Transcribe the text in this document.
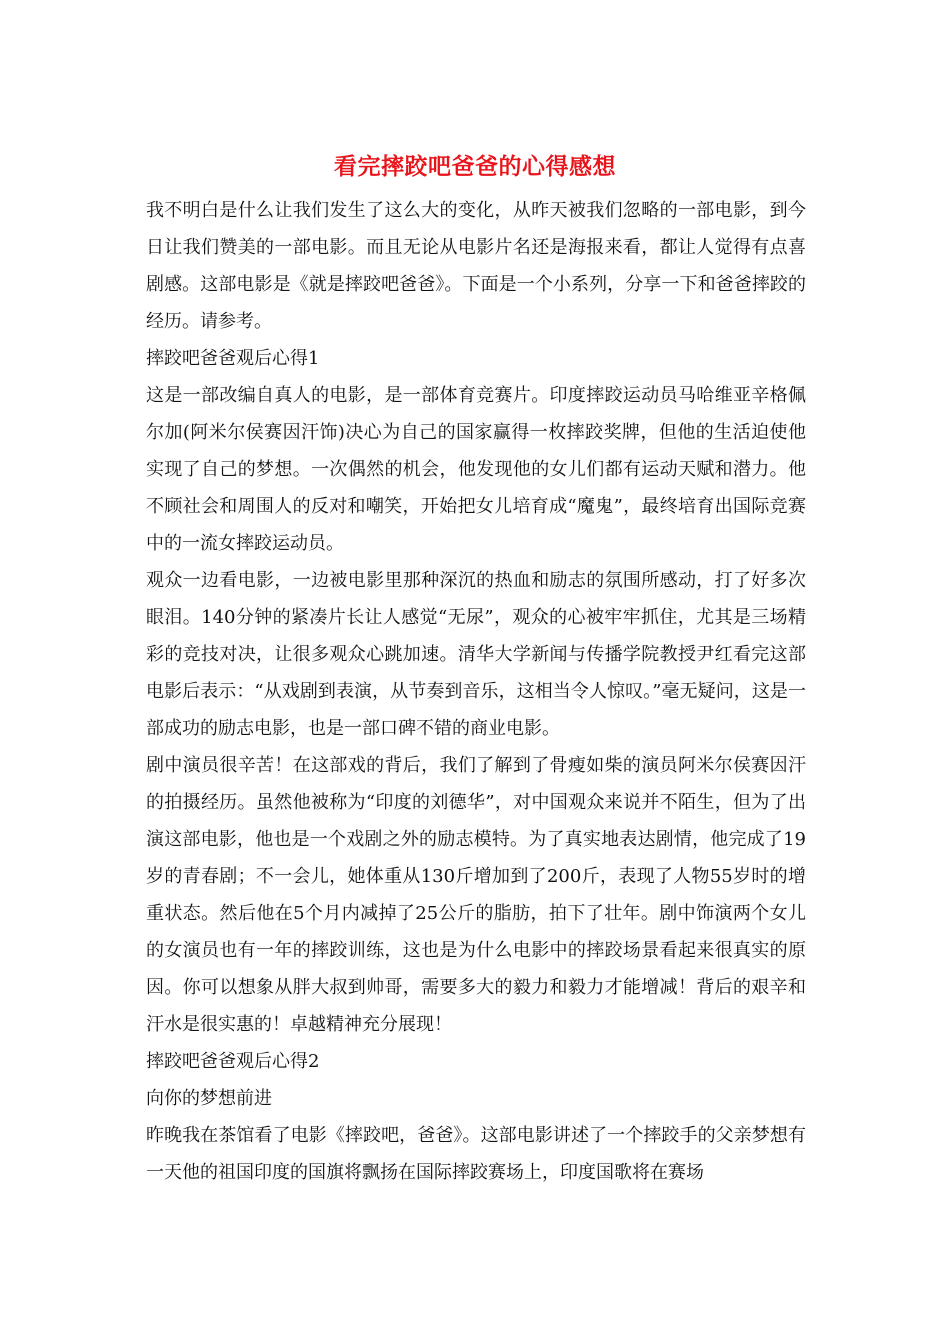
看完摔跤吧爸爸的心得感想

我不明白是什么让我们发生了这么大的变化，从昨天被我们忽略的一部电影，到今日让我们赞美的一部电影。而且无论从电影片名还是海报来看，都让人觉得有点喜剧感。这部电影是《就是摔跤吧爸爸》。下面是一个小系列，分享一下和爸爸摔跤的经历。请参考。

摔跤吧爸爸观后心得1

这是一部改编自真人的电影，是一部体育竞赛片。印度摔跤运动员马哈维亚辛格佩尔加(阿米尔侯赛因汗饰)决心为自己的国家赢得一枚摔跤奖牌，但他的生活迫使他实现了自己的梦想。一次偶然的机会，他发现他的女儿们都有运动天赋和潜力。他不顾社会和周围人的反对和嘲笑，开始把女儿培育成“魔鬼”，最终培育出国际竞赛中的一流女摔跤运动员。

观众一边看电影，一边被电影里那种深沉的热血和励志的氛围所感动，打了好多次眼泪。140分钟的紧凑片长让人感觉“无尿”，观众的心被牢牢抓住，尤其是三场精彩的竞技对决，让很多观众心跳加速。清华大学新闻与传播学院教授尹红看完这部电影后表示：“从戏剧到表演，从节奏到音乐，这相当令人惊叹。”毫无疑问，这是一部成功的励志电影，也是一部口碑不错的商业电影。

剧中演员很辛苦！在这部戏的背后，我们了解到了骨瘦如柴的演员阿米尔侯赛因汗的拍摄经历。虽然他被称为“印度的刘德华”，对中国观众来说并不陌生，但为了出演这部电影，他也是一个戏剧之外的励志模特。为了真实地表达剧情，他完成了19岁的青春剧；不一会儿，她体重从130斤增加到了200斤，表现了人物55岁时的增重状态。然后他在5个月内减掉了25公斤的脂肪，拍下了壮年。剧中饰演两个女儿的女演员也有一年的摔跤训练，这也是为什么电影中的摔跤场景看起来很真实的原因。你可以想象从胖大叔到帅哥，需要多大的毅力和毅力才能增减！背后的艰辛和汗水是很实惠的！卓越精神充分展现！

摔跤吧爸爸观后心得2

向你的梦想前进

昨晚我在茶馆看了电影《摔跤吧，爸爸》。这部电影讲述了一个摔跤手的父亲梦想有一天他的祖国印度的国旗将飘扬在国际摔跤赛场上，印度国歌将在赛场
